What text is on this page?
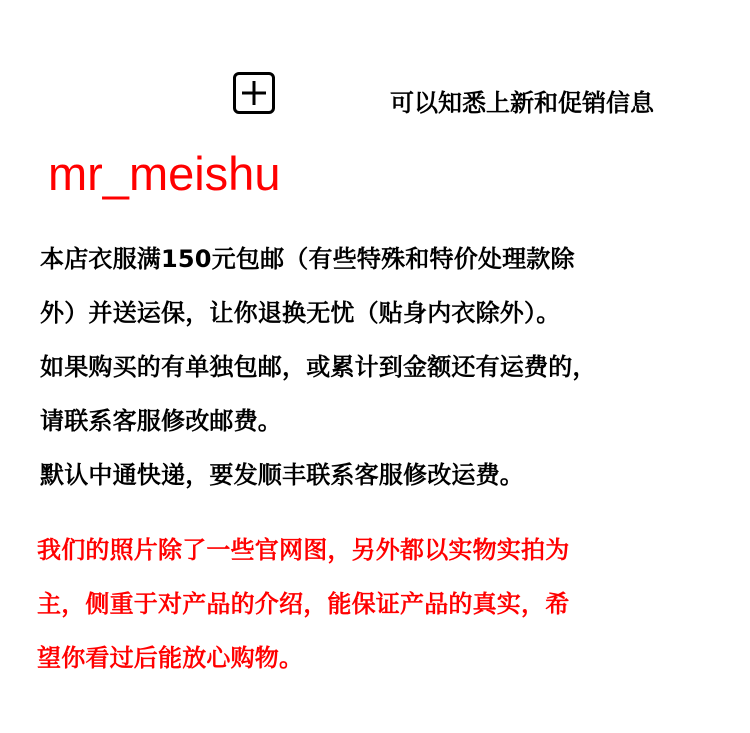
可以知悉上新和促销信息
mr_meishu

本店衣服满150元包邮（有些特殊和特价处理款除

外）并送运保，让你退换无忧（贴身内衣除外）。

如果购买的有单独包邮，或累计到金额还有运费的，

请联系客服修改邮费。

默认中通快递，要发顺丰联系客服修改运费。

我们的照片除了一些官网图，另外都以实物实拍为

主，侧重于对产品的介绍，能保证产品的真实，希

望你看过后能放心购物。
